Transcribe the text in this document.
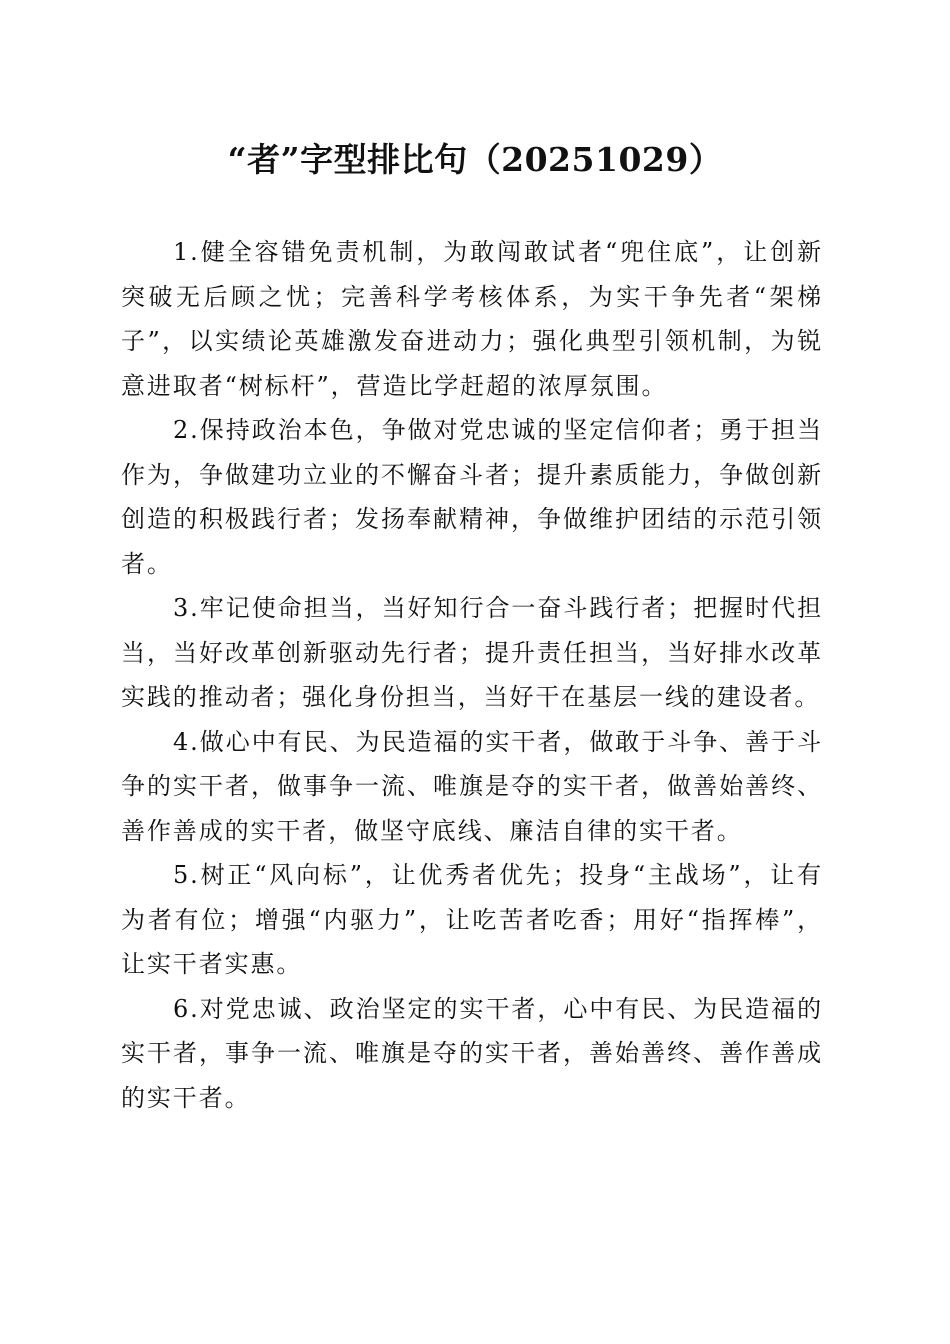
“者”字型排比句（20251029）

1.健全容错免责机制，为敢闯敢试者“兜住底”，让创新突破无后顾之忧；完善科学考核体系，为实干争先者“架梯子”，以实绩论英雄激发奋进动力；强化典型引领机制，为锐意进取者“树标杆”，营造比学赶超的浓厚氛围。

2.保持政治本色，争做对党忠诚的坚定信仰者；勇于担当作为，争做建功立业的不懈奋斗者；提升素质能力，争做创新创造的积极践行者；发扬奉献精神，争做维护团结的示范引领者。

3.牢记使命担当，当好知行合一奋斗践行者；把握时代担当，当好改革创新驱动先行者；提升责任担当，当好排水改革实践的推动者；强化身份担当，当好干在基层一线的建设者。

4.做心中有民、为民造福的实干者，做敢于斗争、善于斗争的实干者，做事争一流、唯旗是夺的实干者，做善始善终、善作善成的实干者，做坚守底线、廉洁自律的实干者。

5.树正“风向标”，让优秀者优先；投身“主战场”，让有为者有位；增强“内驱力”，让吃苦者吃香；用好“指挥棒”，让实干者实惠。

6.对党忠诚、政治坚定的实干者，心中有民、为民造福的实干者，事争一流、唯旗是夺的实干者，善始善终、善作善成的实干者。
